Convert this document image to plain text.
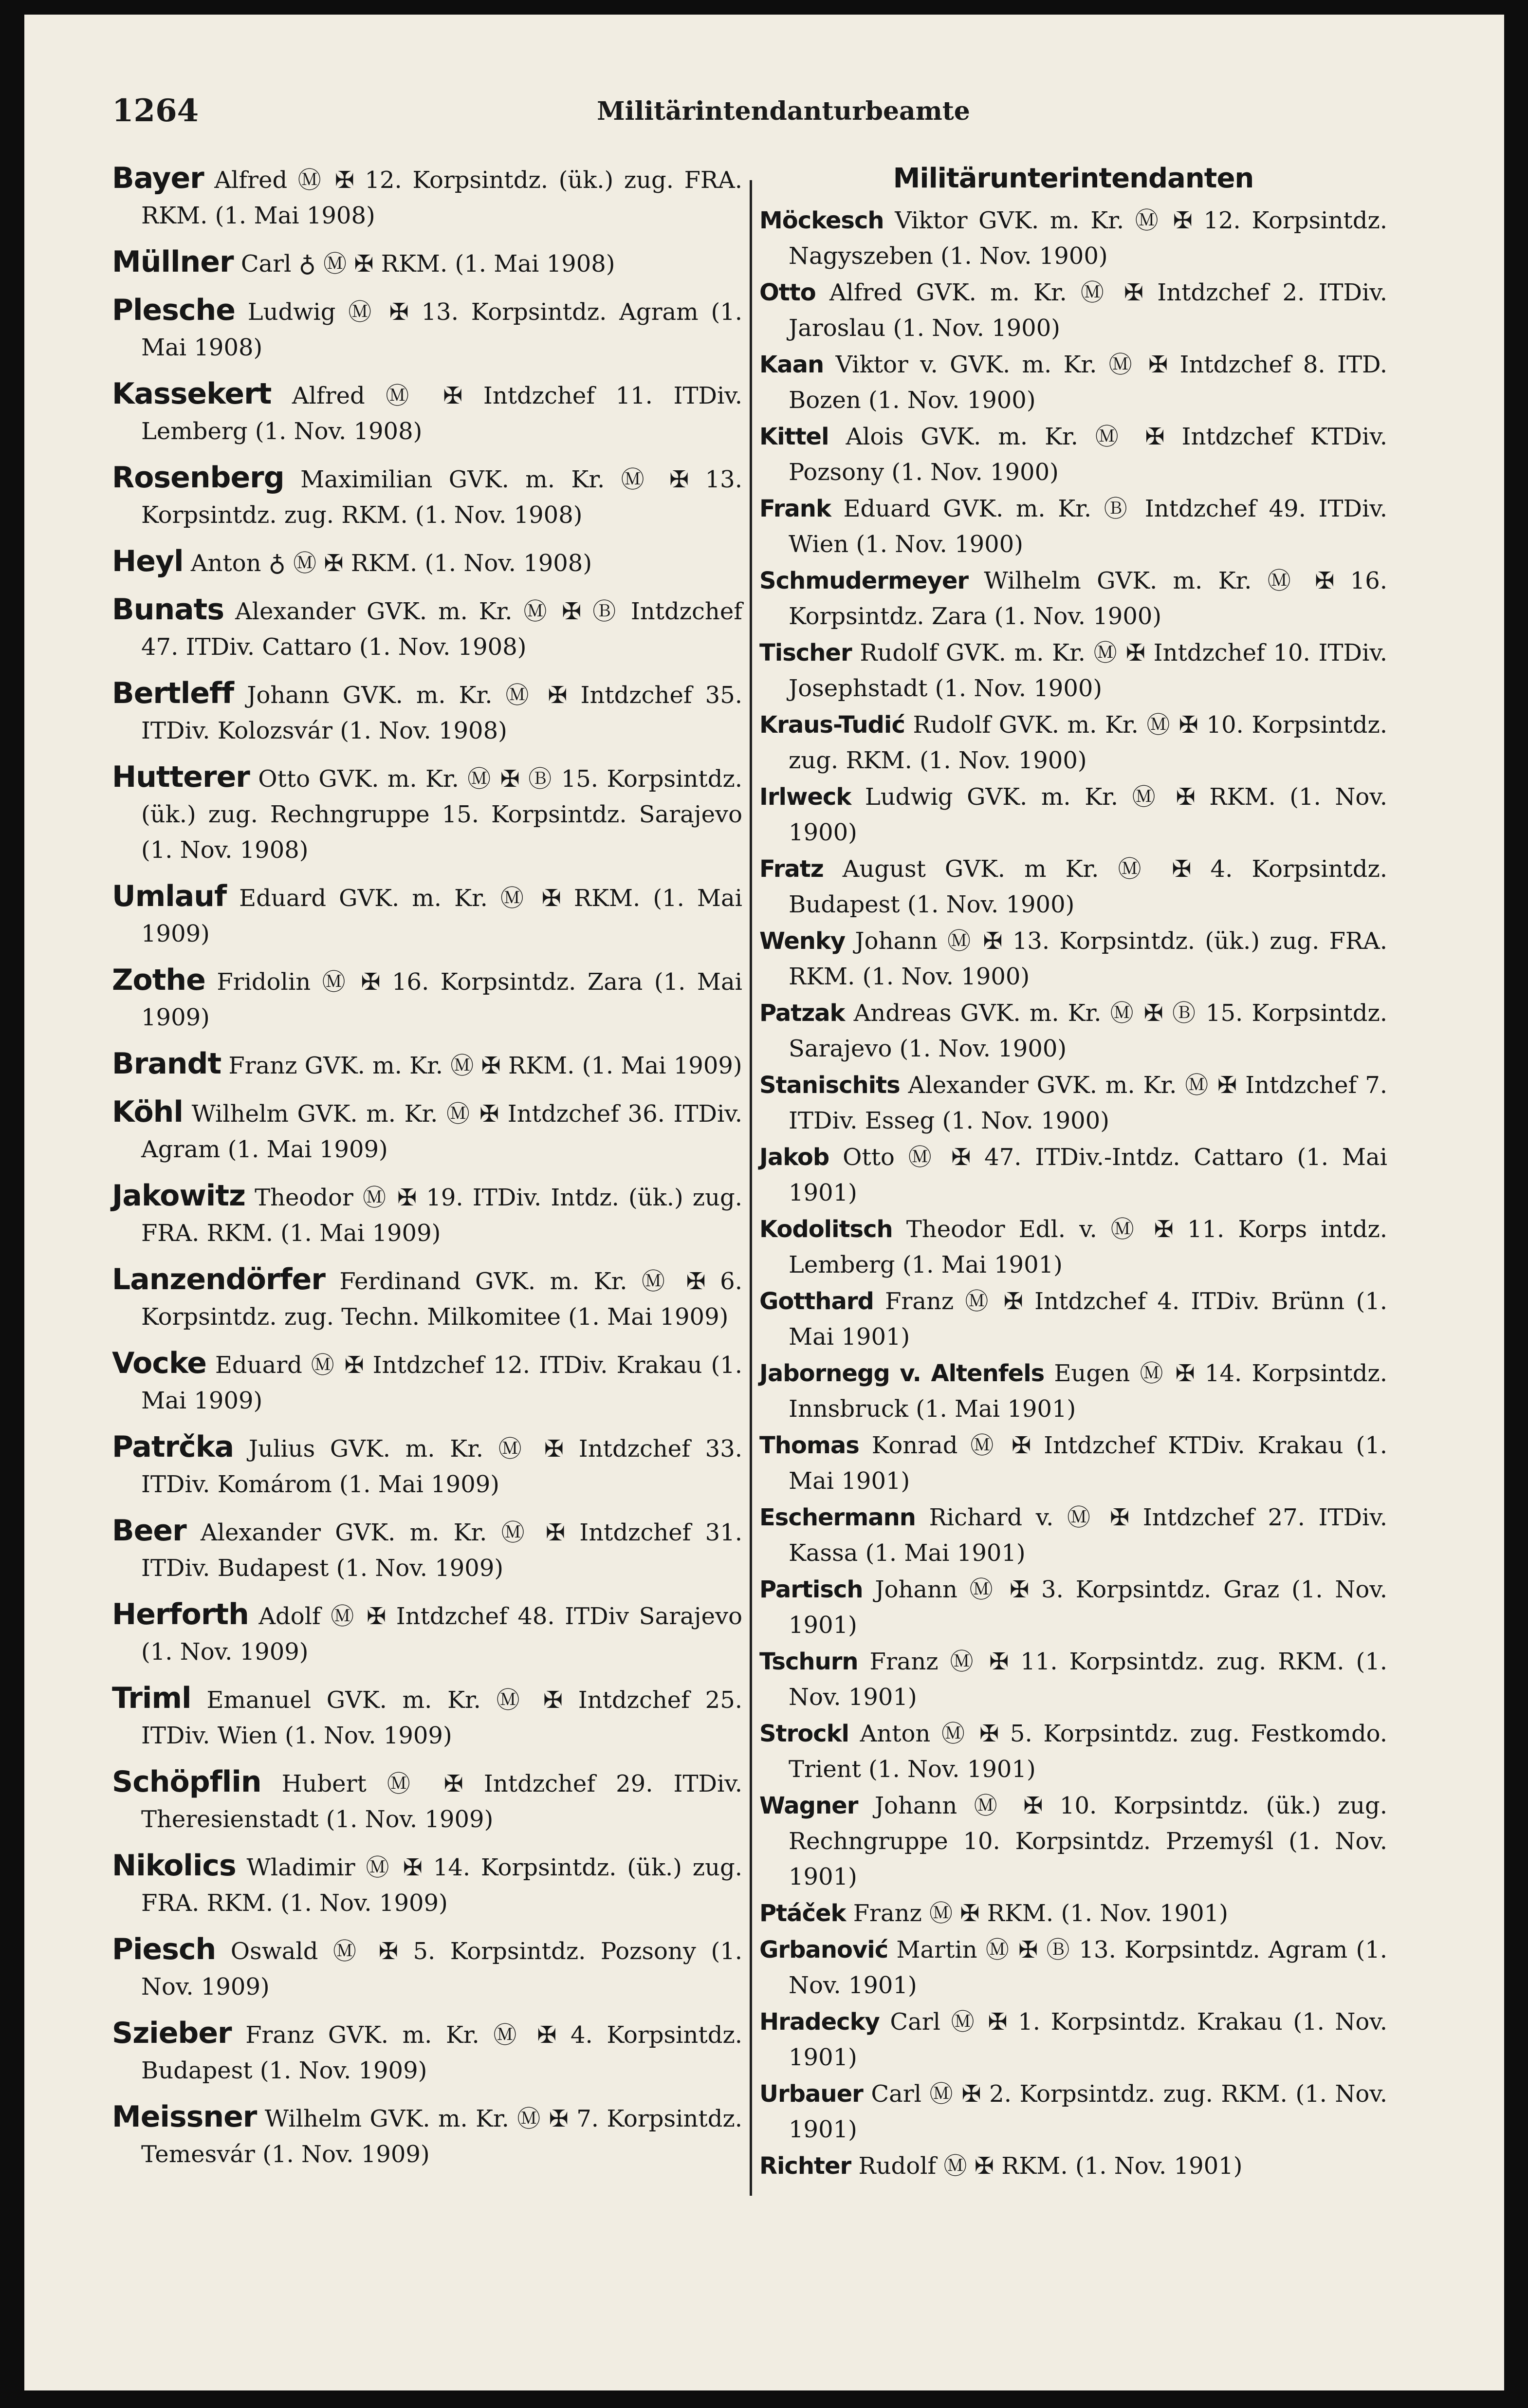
1264	Militärintendanturbeamte

Bayer Alfred Ⓜ ✠ 12. Korpsintdz. (ük.) zug. FRA. RKM. (1. Mai 1908)

Müllner Carl ♁ Ⓜ ✠ RKM. (1. Mai 1908)

Plesche Ludwig Ⓜ ✠ 13. Korpsintdz. Agram (1. Mai 1908)

Kassekert Alfred Ⓜ ✠ Intdzchef 11. ITDiv. Lemberg (1. Nov. 1908)

Rosenberg Maximilian GVK. m. Kr. Ⓜ ✠ 13. Korpsintdz. zug. RKM. (1. Nov. 1908)

Heyl Anton ♁ Ⓜ ✠ RKM. (1. Nov. 1908)

Bunats Alexander GVK. m. Kr. Ⓜ ✠ Ⓑ Intdzchef 47. ITDiv. Cattaro (1. Nov. 1908)

Bertleff Johann GVK. m. Kr. Ⓜ ✠ Intdzchef 35. ITDiv. Kolozsvár (1. Nov. 1908)

Hutterer Otto GVK. m. Kr. Ⓜ ✠ Ⓑ 15. Korpsintdz. (ük.) zug. Rechngruppe 15. Korpsintdz. Sarajevo (1. Nov. 1908)

Umlauf Eduard GVK. m. Kr. Ⓜ ✠ RKM. (1. Mai 1909)

Zothe Fridolin Ⓜ ✠ 16. Korpsintdz. Zara (1. Mai 1909)

Brandt Franz GVK. m. Kr. Ⓜ ✠ RKM. (1. Mai 1909)

Köhl Wilhelm GVK. m. Kr. Ⓜ ✠ Intdzchef 36. ITDiv. Agram (1. Mai 1909)

Jakowitz Theodor Ⓜ ✠ 19. ITDiv. Intdz. (ük.) zug. FRA. RKM. (1. Mai 1909)

Lanzendörfer Ferdinand GVK. m. Kr. Ⓜ ✠ 6. Korpsintdz. zug. Techn. Milkomitee (1. Mai 1909)

Vocke Eduard Ⓜ ✠ Intdzchef 12. ITDiv. Krakau (1. Mai 1909)

Patrčka Julius GVK. m. Kr. Ⓜ ✠ Intdzchef 33. ITDiv. Komárom (1. Mai 1909)

Beer Alexander GVK. m. Kr. Ⓜ ✠ Intdzchef 31. ITDiv. Budapest (1. Nov. 1909)

Herforth Adolf Ⓜ ✠ Intdzchef 48. ITDiv Sarajevo (1. Nov. 1909)

Triml Emanuel GVK. m. Kr. Ⓜ ✠ Intdzchef 25. ITDiv. Wien (1. Nov. 1909)

Schöpflin Hubert Ⓜ ✠ Intdzchef 29. ITDiv. Theresienstadt (1. Nov. 1909)

Nikolics Wladimir Ⓜ ✠ 14. Korpsintdz. (ük.) zug. FRA. RKM. (1. Nov. 1909)

Piesch Oswald Ⓜ ✠ 5. Korpsintdz. Pozsony (1. Nov. 1909)

Szieber Franz GVK. m. Kr. Ⓜ ✠ 4. Korpsintdz. Budapest (1. Nov. 1909)

Meissner Wilhelm GVK. m. Kr. Ⓜ ✠ 7. Korpsintdz. Temesvár (1. Nov. 1909)

Militärunterintendanten

Möckesch Viktor GVK. m. Kr. Ⓜ ✠ 12. Korpsintdz. Nagyszeben (1. Nov. 1900)

Otto Alfred GVK. m. Kr. Ⓜ ✠ Intdzchef 2. ITDiv. Jaroslau (1. Nov. 1900)

Kaan Viktor v. GVK. m. Kr. Ⓜ ✠ Intdzchef 8. ITD. Bozen (1. Nov. 1900)

Kittel Alois GVK. m. Kr. Ⓜ ✠ Intdzchef KTDiv. Pozsony (1. Nov. 1900)

Frank Eduard GVK. m. Kr. Ⓑ Intdzchef 49. ITDiv. Wien (1. Nov. 1900)

Schmudermeyer Wilhelm GVK. m. Kr. Ⓜ ✠ 16. Korpsintdz. Zara (1. Nov. 1900)

Tischer Rudolf GVK. m. Kr. Ⓜ ✠ Intdzchef 10. ITDiv. Josephstadt (1. Nov. 1900)

Kraus-Tudić Rudolf GVK. m. Kr. Ⓜ ✠ 10. Korpsintdz. zug. RKM. (1. Nov. 1900)

Irlweck Ludwig GVK. m. Kr. Ⓜ ✠ RKM. (1. Nov. 1900)

Fratz August GVK. m Kr. Ⓜ ✠ 4. Korpsintdz. Budapest (1. Nov. 1900)

Wenky Johann Ⓜ ✠ 13. Korpsintdz. (ük.) zug. FRA. RKM. (1. Nov. 1900)

Patzak Andreas GVK. m. Kr. Ⓜ ✠ Ⓑ 15. Korpsintdz. Sarajevo (1. Nov. 1900)

Stanischits Alexander GVK. m. Kr. Ⓜ ✠ Intdzchef 7. ITDiv. Esseg (1. Nov. 1900)

Jakob Otto Ⓜ ✠ 47. ITDiv.-Intdz. Cattaro (1. Mai 1901)

Kodolitsch Theodor Edl. v. Ⓜ ✠ 11. Korps intdz. Lemberg (1. Mai 1901)

Gotthard Franz Ⓜ ✠ Intdzchef 4. ITDiv. Brünn (1. Mai 1901)

Jabornegg v. Altenfels Eugen Ⓜ ✠ 14. Korpsintdz. Innsbruck (1. Mai 1901)

Thomas Konrad Ⓜ ✠ Intdzchef KTDiv. Krakau (1. Mai 1901)

Eschermann Richard v. Ⓜ ✠ Intdzchef 27. ITDiv. Kassa (1. Mai 1901)

Partisch Johann Ⓜ ✠ 3. Korpsintdz. Graz (1. Nov. 1901)

Tschurn Franz Ⓜ ✠ 11. Korpsintdz. zug. RKM. (1. Nov. 1901)

Strockl Anton Ⓜ ✠ 5. Korpsintdz. zug. Festkomdo. Trient (1. Nov. 1901)

Wagner Johann Ⓜ ✠ 10. Korpsintdz. (ük.) zug. Rechngruppe 10. Korpsintdz. Przemyśl (1. Nov. 1901)

Ptáček Franz Ⓜ ✠ RKM. (1. Nov. 1901)

Grbanović Martin Ⓜ ✠ Ⓑ 13. Korpsintdz. Agram (1. Nov. 1901)

Hradecky Carl Ⓜ ✠ 1. Korpsintdz. Krakau (1. Nov. 1901)

Urbauer Carl Ⓜ ✠ 2. Korpsintdz. zug. RKM. (1. Nov. 1901)

Richter Rudolf Ⓜ ✠ RKM. (1. Nov. 1901)
